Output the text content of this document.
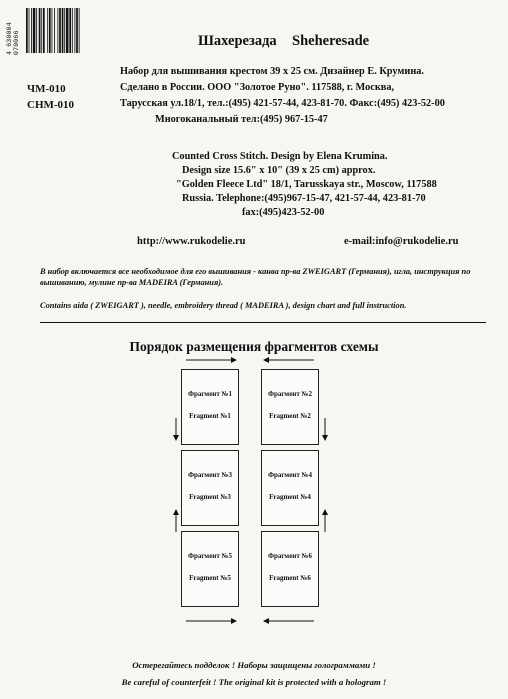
4 630004 070066
ЧМ-010
CHM-010
Шахерезада Sheheresade
Набор для вышивания крестом 39 х 25 см. Дизайнер Е. Крумина.
Сделано в России. ООО "Золотое Руно". 117588, г. Москва,
Тарусская ул.18/1, тел.:(495) 421-57-44, 423-81-70. Факс:(495) 423-52-00
Многоканальный тел:(495) 967-15-47
Counted Cross Stitch. Design by Elena Krumina.
Design size 15.6" x 10" (39 x 25 cm) approx.
"Golden Fleece Ltd" 18/1, Tarusskaya str., Moscow, 117588
Russia. Telephone:(495)967-15-47, 421-57-44, 423-81-70
fax:(495)423-52-00
http://www.rukodelie.ru	e-mail:info@rukodelie.ru
В набор включается все необходимое для его вышивания - канва пр-ва ZWEIGART (Германия), игла, инструкция по вышиванию, мулине пр-ва MADEIRA (Германия).
Contains aida ( ZWEIGART ), needle, embroidery thread ( MADEIRA ), design chart and full instruction.
Порядок размещения фрагментов схемы
Фрагмент №1
Fragment №1
Фрагмент №2
Fragment №2
Фрагмент №3
Fragment №3
Фрагмент №4
Fragment №4
Фрагмент №5
Fragment №5
Фрагмент №6
Fragment №6
Остерегайтесь подделок ! Наборы защищены голограммами !
Be careful of counterfeit ! The original kit is protected with a hologram !
